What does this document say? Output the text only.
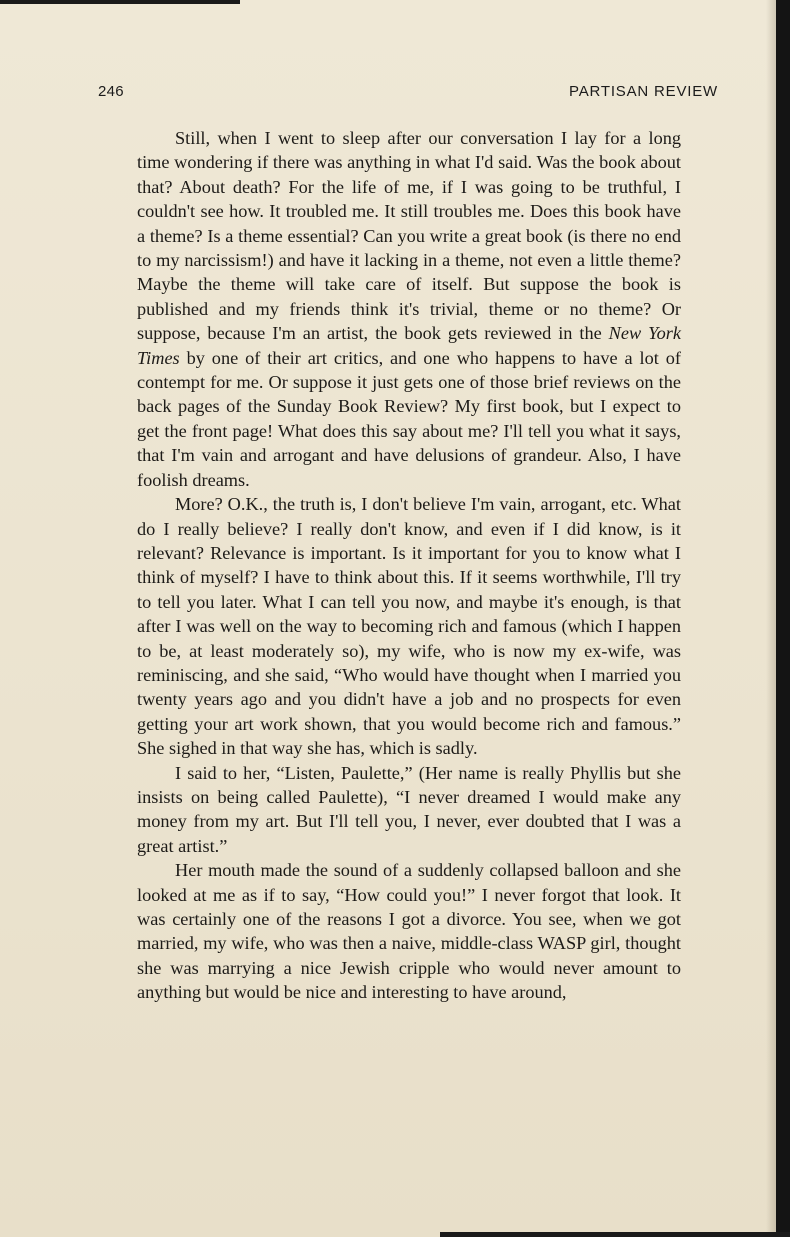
246	PARTISAN REVIEW

Still, when I went to sleep after our conversation I lay for a long time wondering if there was anything in what I'd said. Was the book about that? About death? For the life of me, if I was going to be truthful, I couldn't see how. It troubled me. It still troubles me. Does this book have a theme? Is a theme essential? Can you write a great book (is there no end to my narcissism!) and have it lacking in a theme, not even a little theme? Maybe the theme will take care of itself. But suppose the book is published and my friends think it's trivial, theme or no theme? Or suppose, because I'm an artist, the book gets reviewed in the New York Times by one of their art critics, and one who happens to have a lot of contempt for me. Or suppose it just gets one of those brief reviews on the back pages of the Sunday Book Review? My first book, but I expect to get the front page! What does this say about me? I'll tell you what it says, that I'm vain and arrogant and have delusions of grandeur. Also, I have foolish dreams.

More? O.K., the truth is, I don't believe I'm vain, arrogant, etc. What do I really believe? I really don't know, and even if I did know, is it relevant? Relevance is important. Is it important for you to know what I think of myself? I have to think about this. If it seems worthwhile, I'll try to tell you later. What I can tell you now, and maybe it's enough, is that after I was well on the way to becoming rich and famous (which I happen to be, at least moderately so), my wife, who is now my ex-wife, was reminiscing, and she said, “Who would have thought when I married you twenty years ago and you didn't have a job and no prospects for even getting your art work shown, that you would become rich and famous.” She sighed in that way she has, which is sadly.

I said to her, “Listen, Paulette,” (Her name is really Phyllis but she insists on being called Paulette), “I never dreamed I would make any money from my art. But I'll tell you, I never, ever doubted that I was a great artist.”

Her mouth made the sound of a suddenly collapsed balloon and she looked at me as if to say, “How could you!” I never forgot that look. It was certainly one of the reasons I got a divorce. You see, when we got married, my wife, who was then a naive, middle-class WASP girl, thought she was marrying a nice Jewish cripple who would never amount to anything but would be nice and interesting to have around,
